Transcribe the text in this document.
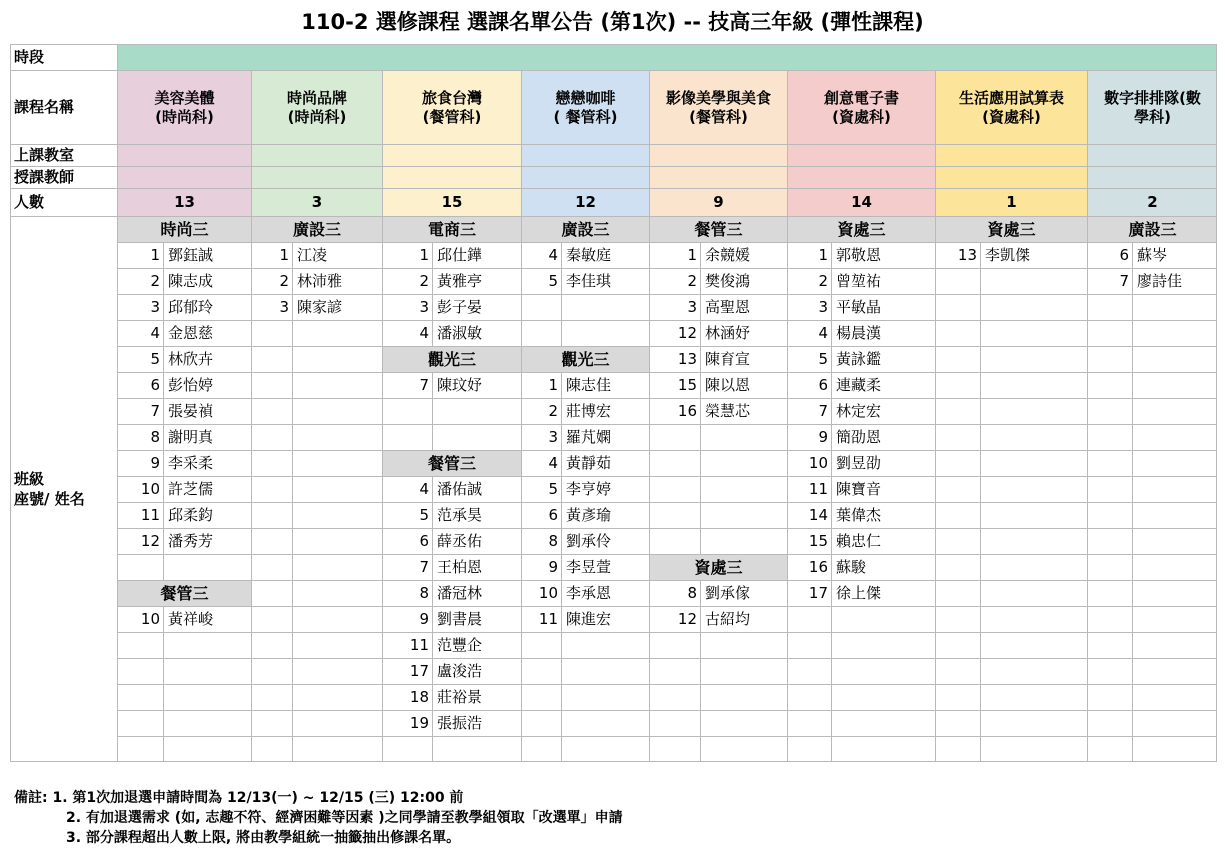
110-2 選修課程 選課名單公告 (第1次) -- 技高三年級 (彈性課程)
時段
課程名稱
上課教室
授課教師
人數
班級
座號/ 姓名
美容美體
(時尚科)
13
時尚三
1 鄧鈺誠
2 陳志成
3 邱郁玲
4 金恩慈
5 林欣卉
6 彭怡婷
7 張晏禎
8 謝明真
9 李采柔
10 許芝儒
11 邱柔鈞
12 潘秀芳
餐管三
10 黃祥峻
時尚品牌
(時尚科)
3
廣設三
1 江凌
2 林沛雅
3 陳家諺
旅食台灣
(餐管科)
15
電商三
1 邱仕鏵
2 黃雅亭
3 彭子晏
4 潘淑敏
觀光三
7 陳玟妤
餐管三
4 潘佑誠
5 范承昊
6 薛丞佑
7 王柏恩
8 潘冠林
9 劉書晨
11 范豐企
17 盧浚浩
18 莊裕景
19 張振浩
戀戀咖啡
( 餐管科)
12
廣設三
4 秦敏庭
5 李佳琪
觀光三
1 陳志佳
2 莊博宏
3 羅芃嫻
4 黃靜茹
5 李亨婷
6 黃彥瑜
8 劉承伶
9 李昱萱
10 李承恩
11 陳進宏
影像美學與美食
(餐管科)
9
餐管三
1 余競媛
2 樊俊鴻
3 高聖恩
12 林涵妤
13 陳育宣
15 陳以恩
16 榮慧芯
資處三
8 劉承傢
12 古紹均
創意電子書
(資處科)
14
資處三
1 郭敬恩
2 曾堃祐
3 平敏晶
4 楊晨漢
5 黃詠鑑
6 連藏柔
7 林定宏
9 簡劭恩
10 劉昱劭
11 陳寶音
14 葉偉杰
15 賴忠仁
16 蘇駿
17 徐上傑
生活應用試算表
(資處科)
1
資處三
13 李凱傑
數字排排隊(數
學科)
2
廣設三
6 蘇岑
7 廖詩佳
備註: 1. 第1次加退選申請時間為 12/13(一) ~ 12/15 (三) 12:00 前
2. 有加退選需求 (如, 志趣不符、經濟困難等因素 )之同學請至教學組領取「改選單」申請
3. 部分課程超出人數上限, 將由教學組統一抽籤抽出修課名單。
